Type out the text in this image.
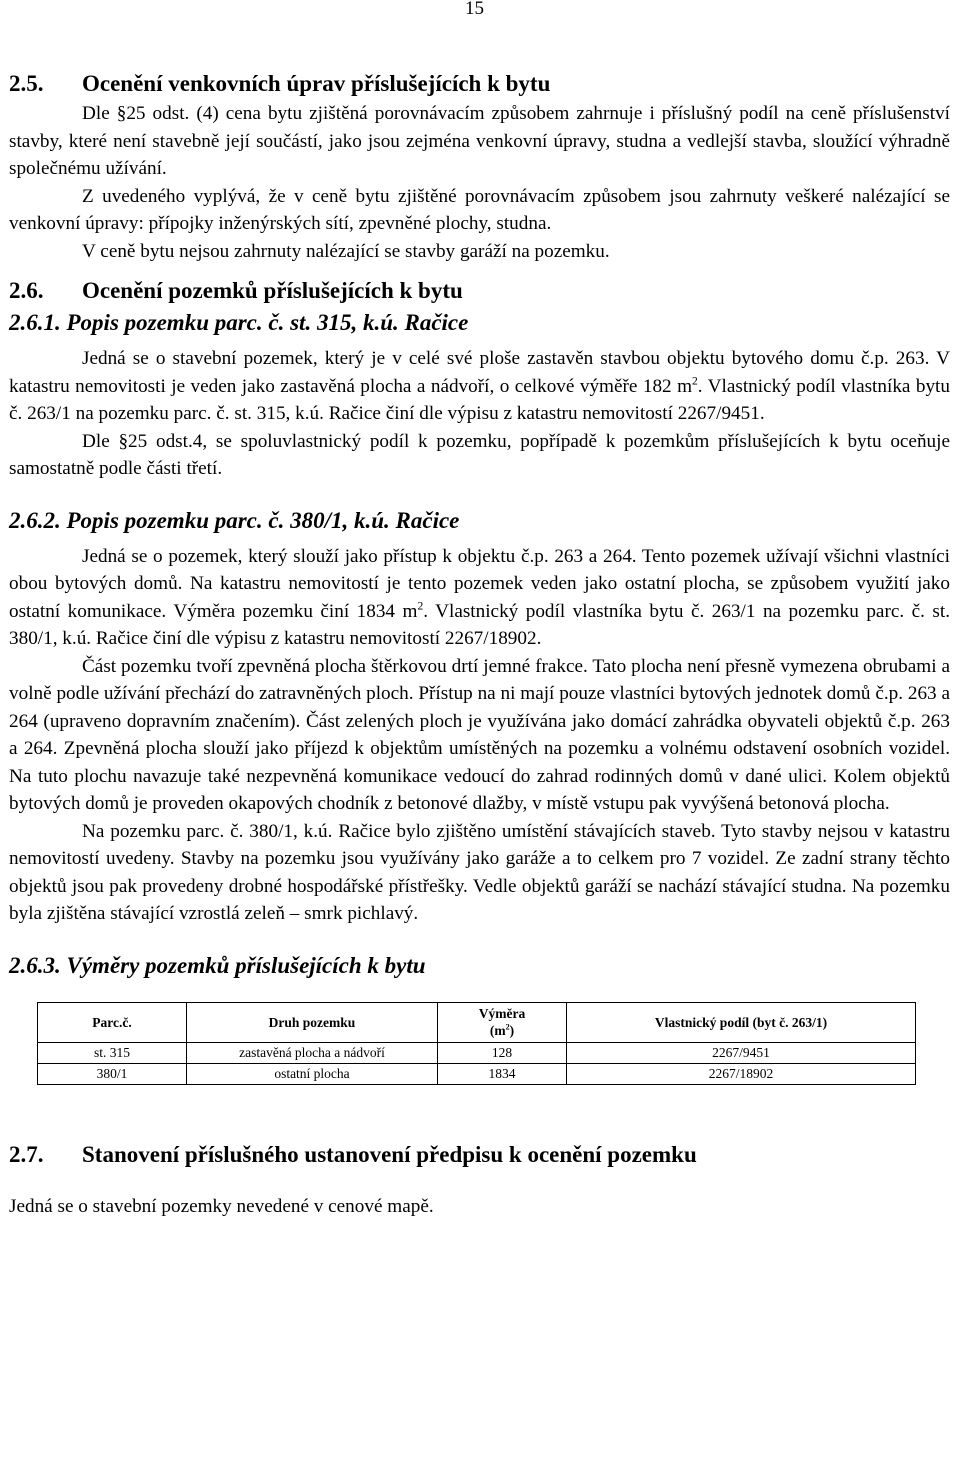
15
2.5. Ocenění venkovních úprav příslušejících k bytu

Dle §25 odst. (4) cena bytu zjištěná porovnávacím způsobem zahrnuje i příslušný podíl na ceně příslušenství stavby, které není stavebně její součástí, jako jsou zejména venkovní úpravy, studna a vedlejší stavba, sloužící výhradně společnému užívání.

Z uvedeného vyplývá, že v ceně bytu zjištěné porovnávacím způsobem jsou zahrnuty veškeré nalézající se venkovní úpravy: přípojky inženýrských sítí, zpevněné plochy, studna.

V ceně bytu nejsou zahrnuty nalézající se stavby garáží na pozemku.

2.6. Ocenění pozemků příslušejících k bytu
2.6.1. Popis pozemku parc. č. st. 315, k.ú. Račice

Jedná se o stavební pozemek, který je v celé své ploše zastavěn stavbou objektu bytového domu č.p. 263. V katastru nemovitosti je veden jako zastavěná plocha a nádvoří, o celkové výměře 182 $m^2$. Vlastnický podíl vlastníka bytu č. 263/1 na pozemku parc. č. st. 315, k.ú. Račice činí dle výpisu z katastru nemovitostí 2267/9451.

Dle §25 odst.4, se spoluvlastnický podíl k pozemku, popřípadě k pozemkům příslušejících k bytu oceňuje samostatně podle části třetí.

2.6.2. Popis pozemku parc. č. 380/1, k.ú. Račice

Jedná se o pozemek, který slouží jako přístup k objektu č.p. 263 a 264. Tento pozemek užívají všichni vlastníci obou bytových domů. Na katastru nemovitostí je tento pozemek veden jako ostatní plocha, se způsobem využití jako ostatní komunikace. Výměra pozemku činí 1834 $m^2$. Vlastnický podíl vlastníka bytu č. 263/1 na pozemku parc. č. st. 380/1, k.ú. Račice činí dle výpisu z katastru nemovitostí 2267/18902.

Část pozemku tvoří zpevněná plocha štěrkovou drtí jemné frakce. Tato plocha není přesně vymezena obrubami a volně podle užívání přechází do zatravněných ploch. Přístup na ni mají pouze vlastníci bytových jednotek domů č.p. 263 a 264 (upraveno dopravním značením). Část zelených ploch je využívána jako domácí zahrádka obyvateli objektů č.p. 263 a 264. Zpevněná plocha slouží jako příjezd k objektům umístěných na pozemku a volnému odstavení osobních vozidel. Na tuto plochu navazuje také nezpevněná komunikace vedoucí do zahrad rodinných domů v dané ulici. Kolem objektů bytových domů je proveden okapových chodník z betonové dlažby, v místě vstupu pak vyvýšená betonová plocha.

Na pozemku parc. č. 380/1, k.ú. Račice bylo zjištěno umístění stávajících staveb. Tyto stavby nejsou v katastru nemovitostí uvedeny. Stavby na pozemku jsou využívány jako garáže a to celkem pro 7 vozidel. Ze zadní strany těchto objektů jsou pak provedeny drobné hospodářské přístřešky. Vedle objektů garáží se nachází stávající studna. Na pozemku byla zjištěna stávající vzrostlá zeleň – smrk pichlavý.

2.6.3. Výměry pozemků příslušejících k bytu
Parc.č.	Druh pozemku	Výměra
$(m^2)$	Vlastnický podíl (byt č. 263/1)
st. 315	zastavěná plocha a nádvoří	128	2267/9451
380/1	ostatní plocha	1834	2267/18902
2.7. Stanovení příslušného ustanovení předpisu k ocenění pozemku

Jedná se o stavební pozemky nevedené v cenové mapě.
